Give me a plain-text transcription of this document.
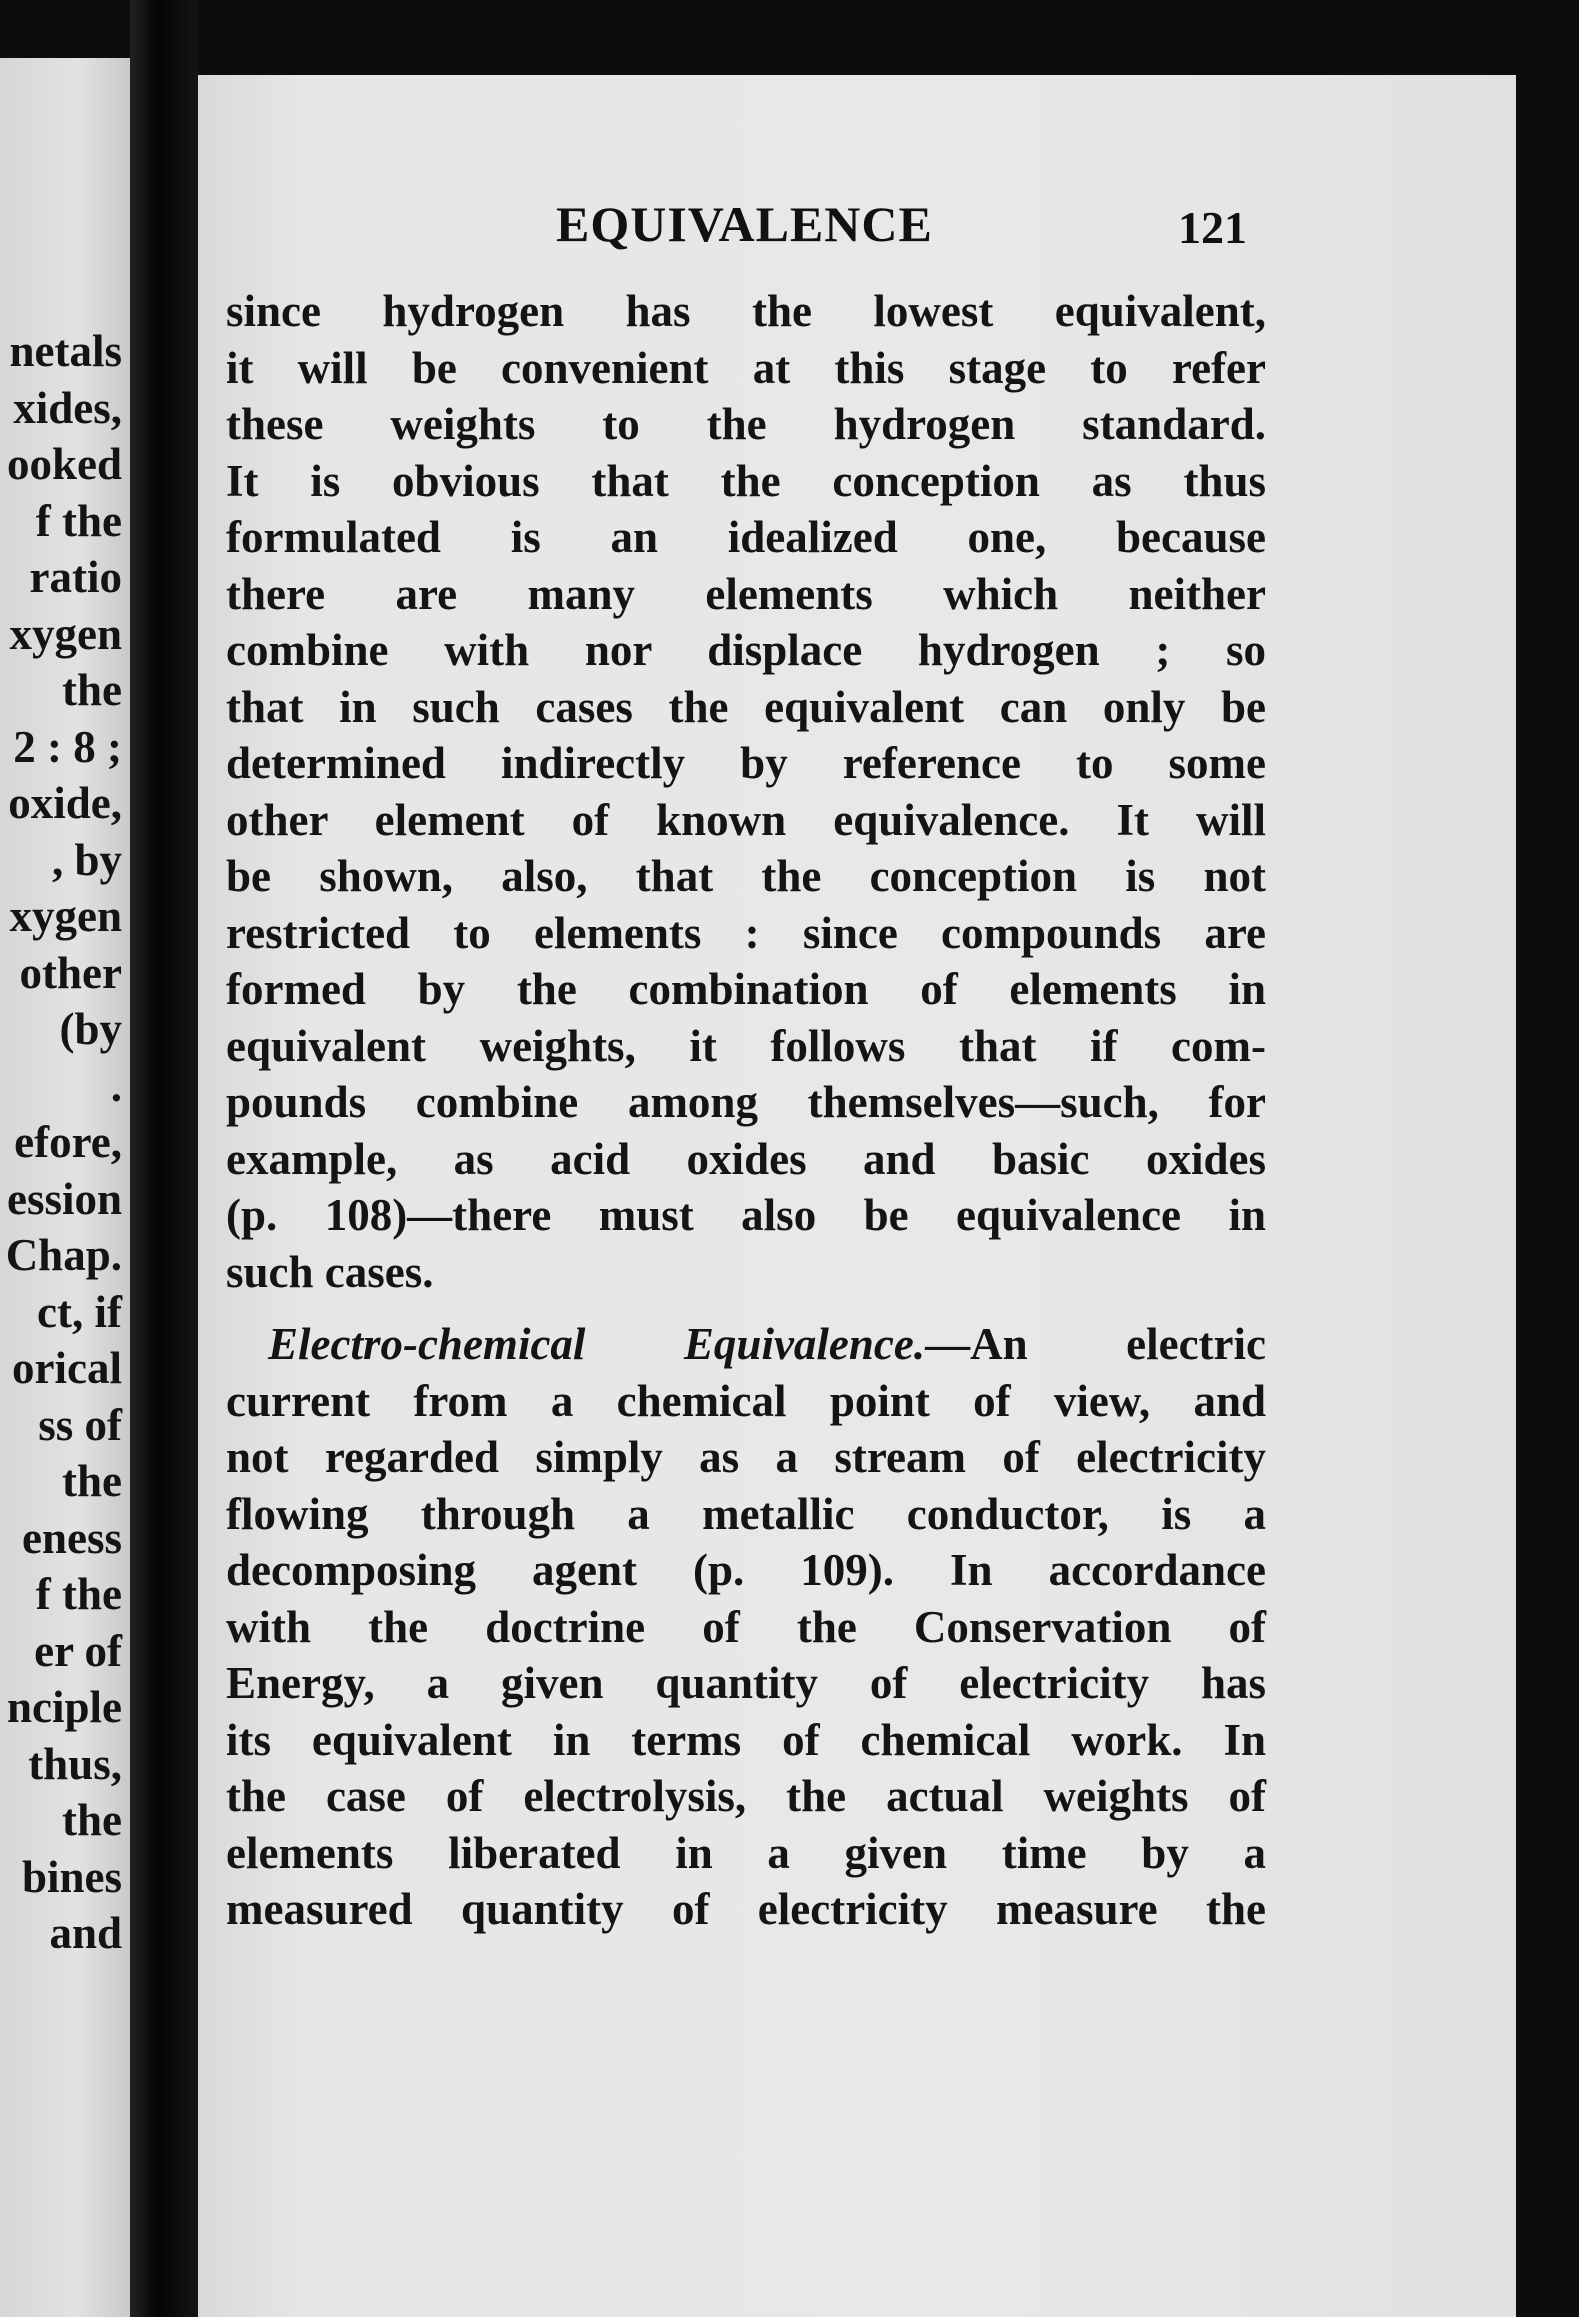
netals
xides,
ooked
f the
ratio
xygen
the
2 : 8 ;
oxide,
, by
xygen
other
(by
.
efore,
ession
Chap.
ct, if
orical
ss of
the
eness
f the
er of
nciple
thus,
the
bines
and
EQUIVALENCE	121
since hydrogen has the lowest equivalent,
it will be convenient at this stage to refer
these weights to the hydrogen standard.
It is obvious that the conception as thus
formulated is an idealized one, because
there are many elements which neither
combine with nor displace hydrogen ; so
that in such cases the equivalent can only be
determined indirectly by reference to some
other element of known equivalence. It will
be shown, also, that the conception is not
restricted to elements : since compounds are
formed by the combination of elements in
equivalent weights, it follows that if com-
pounds combine among themselves—such, for
example, as acid oxides and basic oxides
(p. 108)—there must also be equivalence in
such cases.
Electro-chemical Equivalence.—An electric
current from a chemical point of view, and
not regarded simply as a stream of electricity
flowing through a metallic conductor, is a
decomposing agent (p. 109). In accordance
with the doctrine of the Conservation of
Energy, a given quantity of electricity has
its equivalent in terms of chemical work. In
the case of electrolysis, the actual weights of
elements liberated in a given time by a
measured quantity of electricity measure the
